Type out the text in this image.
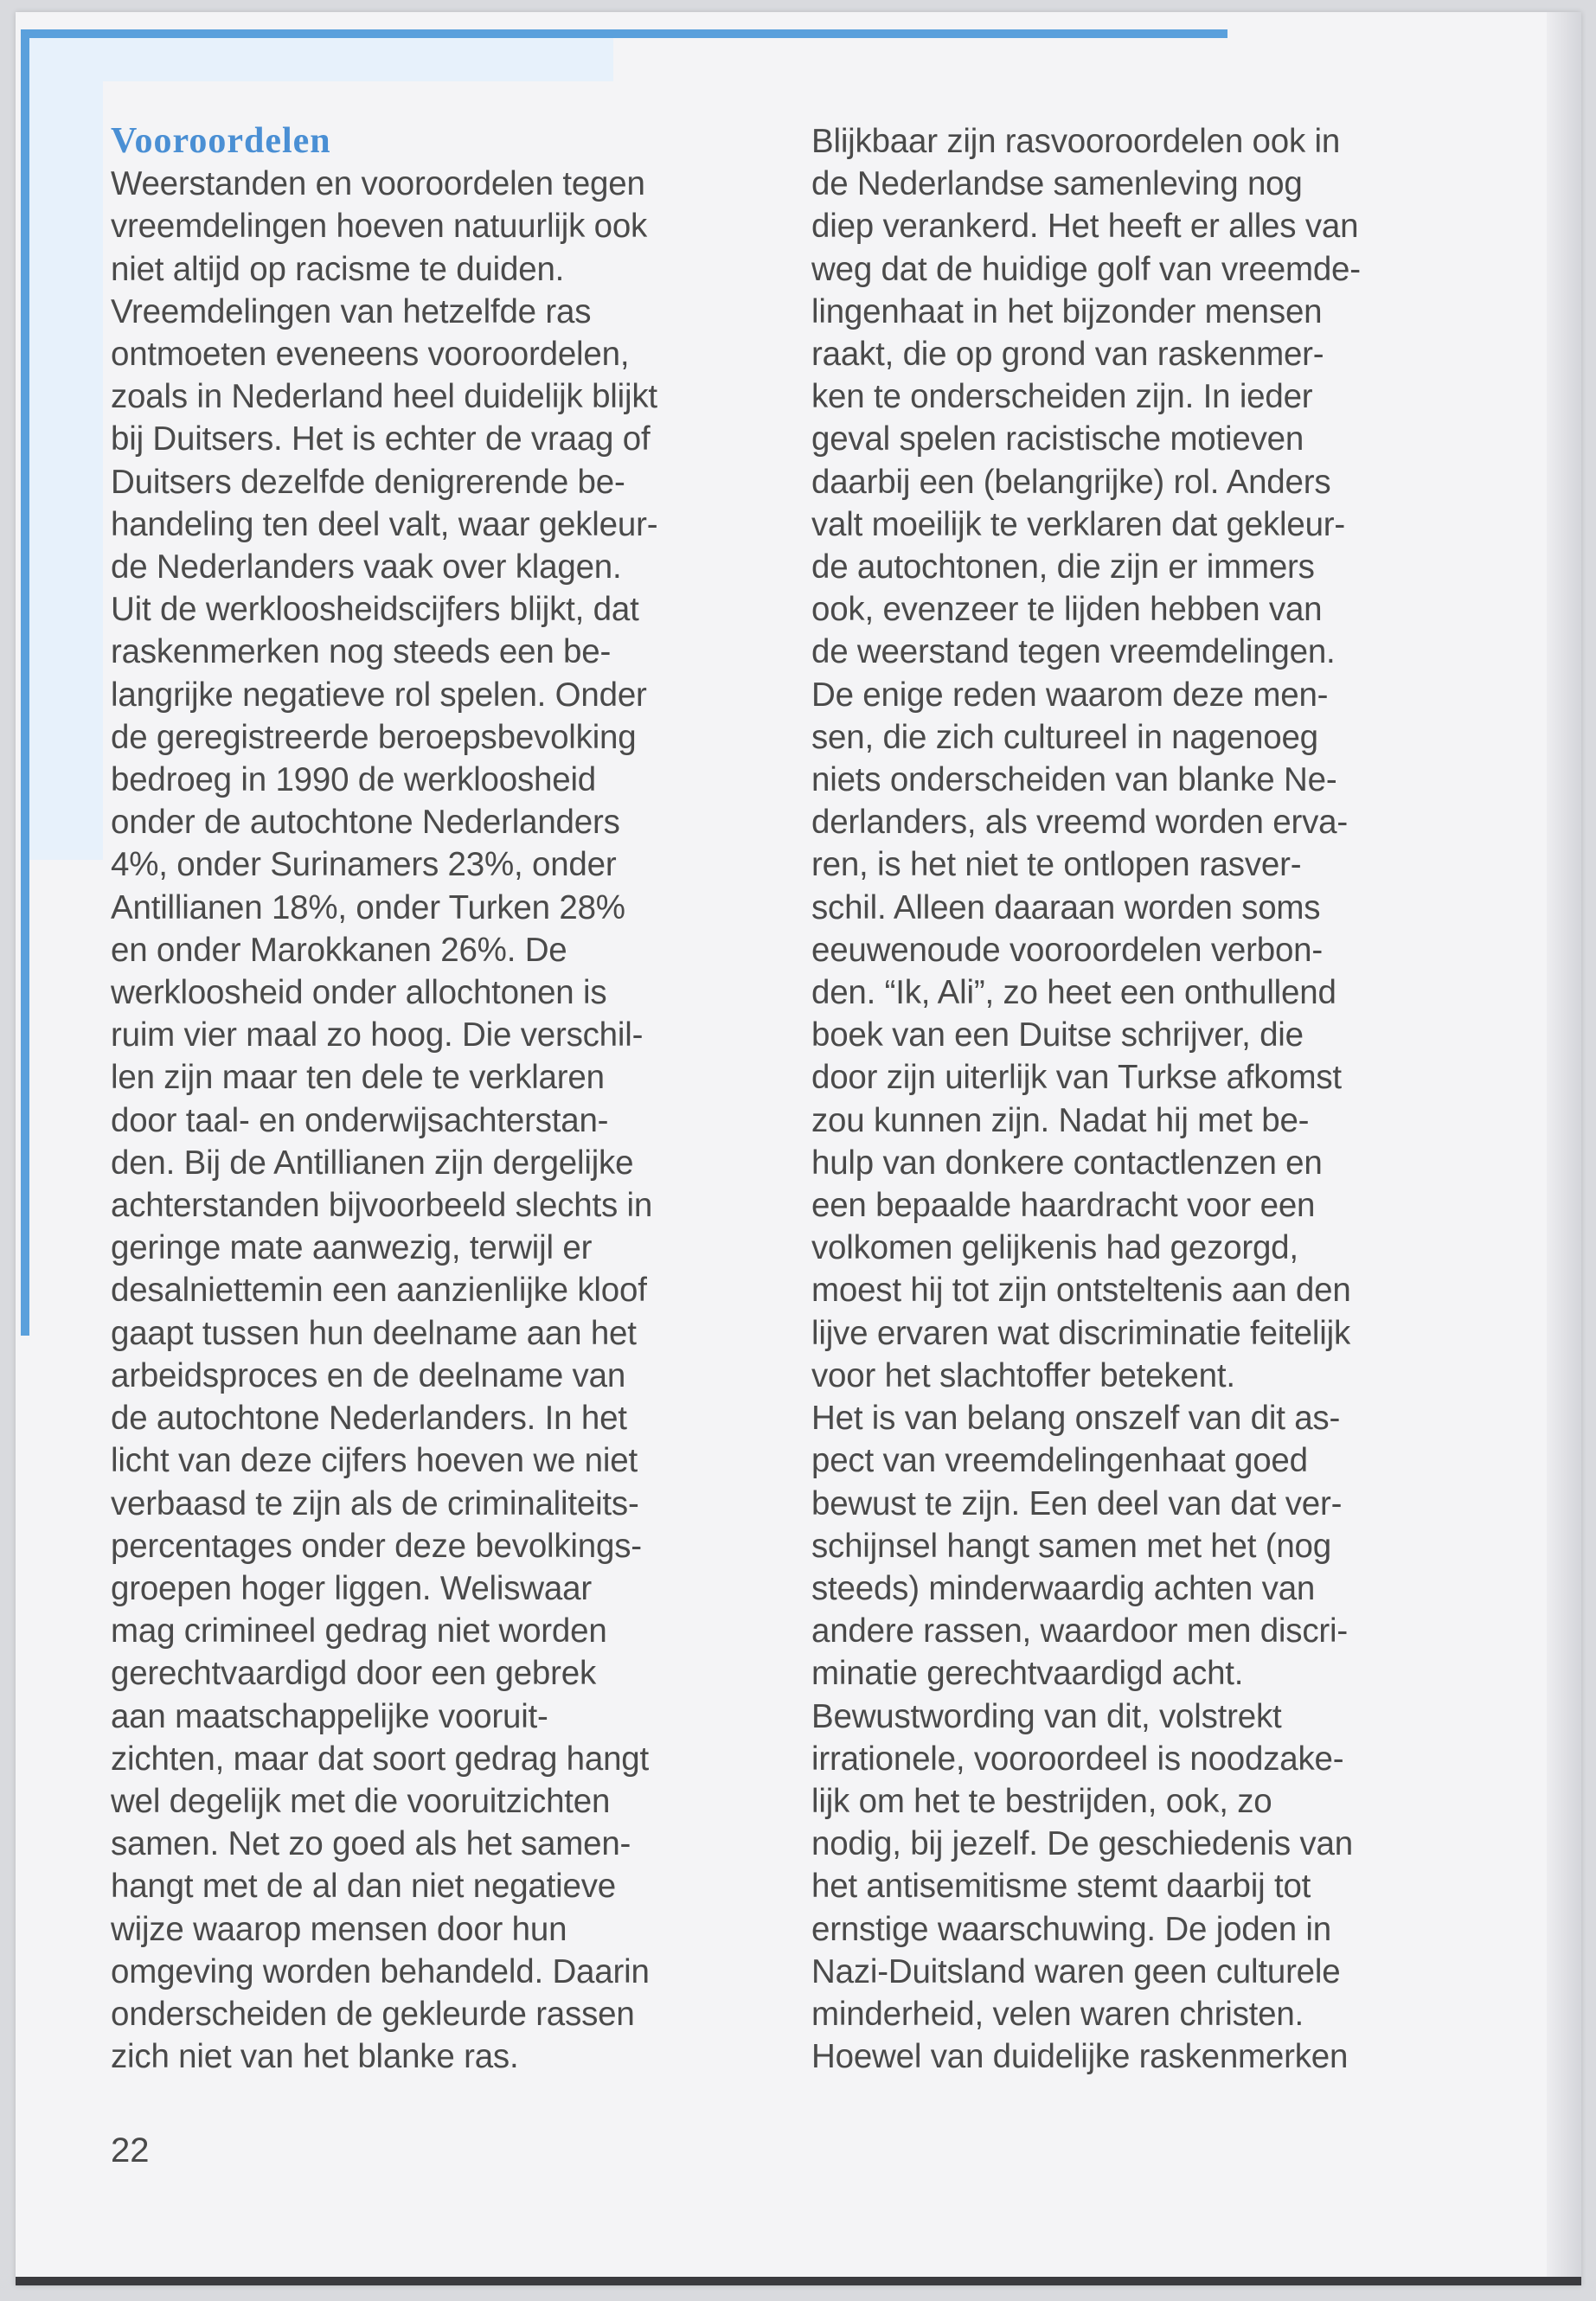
Vooroordelen
Weerstanden en vooroordelen tegen
vreemdelingen hoeven natuurlijk ook
niet altijd op racisme te duiden.
Vreemdelingen van hetzelfde ras
ontmoeten eveneens vooroordelen,
zoals in Nederland heel duidelijk blijkt
bij Duitsers. Het is echter de vraag of
Duitsers dezelfde denigrerende be-
handeling ten deel valt, waar gekleur-
de Nederlanders vaak over klagen.
Uit de werkloosheidscijfers blijkt, dat
raskenmerken nog steeds een be-
langrijke negatieve rol spelen. Onder
de geregistreerde beroepsbevolking
bedroeg in 1990 de werkloosheid
onder de autochtone Nederlanders
4%, onder Surinamers 23%, onder
Antillianen 18%, onder Turken 28%
en onder Marokkanen 26%. De
werkloosheid onder allochtonen is
ruim vier maal zo hoog. Die verschil-
len zijn maar ten dele te verklaren
door taal- en onderwijsachterstan-
den. Bij de Antillianen zijn dergelijke
achterstanden bijvoorbeeld slechts in
geringe mate aanwezig, terwijl er
desalniettemin een aanzienlijke kloof
gaapt tussen hun deelname aan het
arbeidsproces en de deelname van
de autochtone Nederlanders. In het
licht van deze cijfers hoeven we niet
verbaasd te zijn als de criminaliteits-
percentages onder deze bevolkings-
groepen hoger liggen. Weliswaar
mag crimineel gedrag niet worden
gerechtvaardigd door een gebrek
aan maatschappelijke vooruit-
zichten, maar dat soort gedrag hangt
wel degelijk met die vooruitzichten
samen. Net zo goed als het samen-
hangt met de al dan niet negatieve
wijze waarop mensen door hun
omgeving worden behandeld. Daarin
onderscheiden de gekleurde rassen
zich niet van het blanke ras.
Blijkbaar zijn rasvooroordelen ook in
de Nederlandse samenleving nog
diep verankerd. Het heeft er alles van
weg dat de huidige golf van vreemde-
lingenhaat in het bijzonder mensen
raakt, die op grond van raskenmer-
ken te onderscheiden zijn. In ieder
geval spelen racistische motieven
daarbij een (belangrijke) rol. Anders
valt moeilijk te verklaren dat gekleur-
de autochtonen, die zijn er immers
ook, evenzeer te lijden hebben van
de weerstand tegen vreemdelingen.
De enige reden waarom deze men-
sen, die zich cultureel in nagenoeg
niets onderscheiden van blanke Ne-
derlanders, als vreemd worden erva-
ren, is het niet te ontlopen rasver-
schil. Alleen daaraan worden soms
eeuwenoude vooroordelen verbon-
den. “Ik, Ali”, zo heet een onthullend
boek van een Duitse schrijver, die
door zijn uiterlijk van Turkse afkomst
zou kunnen zijn. Nadat hij met be-
hulp van donkere contactlenzen en
een bepaalde haardracht voor een
volkomen gelijkenis had gezorgd,
moest hij tot zijn ontsteltenis aan den
lijve ervaren wat discriminatie feitelijk
voor het slachtoffer betekent.
Het is van belang onszelf van dit as-
pect van vreemdelingenhaat goed
bewust te zijn. Een deel van dat ver-
schijnsel hangt samen met het (nog
steeds) minderwaardig achten van
andere rassen, waardoor men discri-
minatie gerechtvaardigd acht.
Bewustwording van dit, volstrekt
irrationele, vooroordeel is noodzake-
lijk om het te bestrijden, ook, zo
nodig, bij jezelf. De geschiedenis van
het antisemitisme stemt daarbij tot
ernstige waarschuwing. De joden in
Nazi-Duitsland waren geen culturele
minderheid, velen waren christen.
Hoewel van duidelijke raskenmerken
22
